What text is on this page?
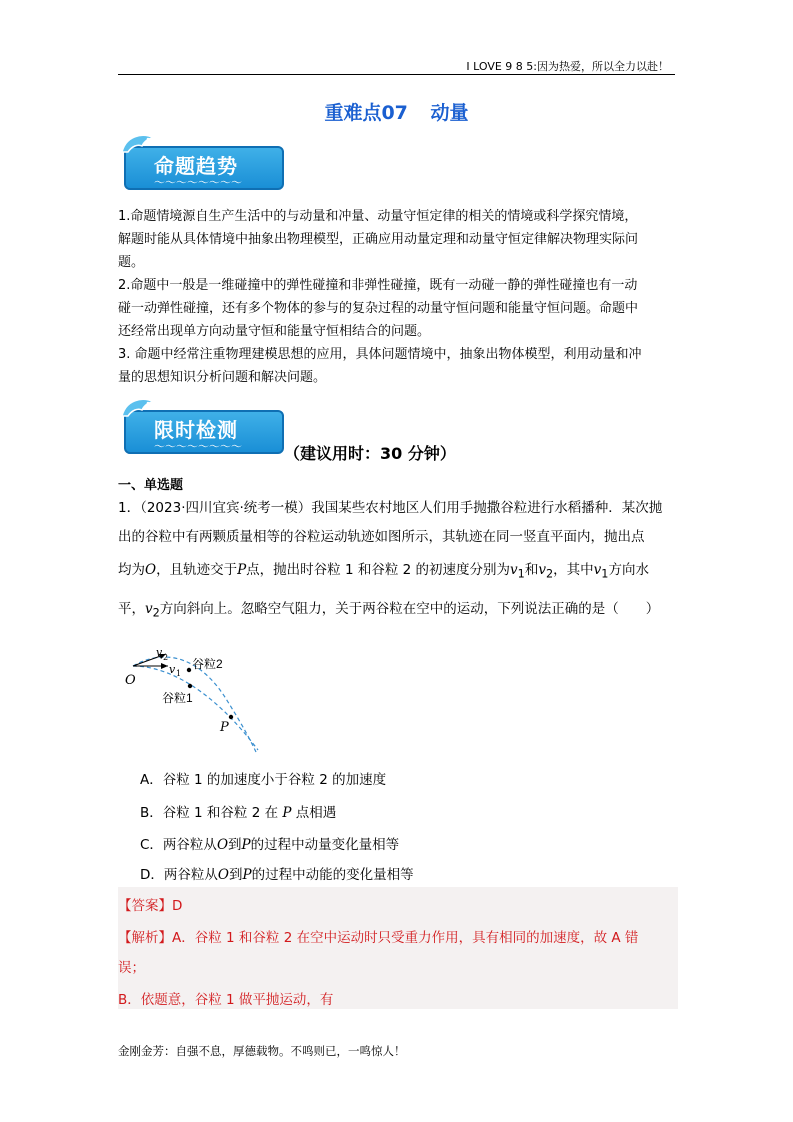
I LOVE 9 8 5:因为热爱，所以全力以赴！
重难点07 动量
命题趋势
～～～～～～～～
1.命题情境源自生产生活中的与动量和冲量、动量守恒定律的相关的情境或科学探究情境，
解题时能从具体情境中抽象出物理模型，正确应用动量定理和动量守恒定律解决物理实际问
题。
2.命题中一般是一维碰撞中的弹性碰撞和非弹性碰撞，既有一动碰一静的弹性碰撞也有一动
碰一动弹性碰撞，还有多个物体的参与的复杂过程的动量守恒问题和能量守恒问题。命题中
还经常出现单方向动量守恒和能量守恒相结合的问题。
3. 命题中经常注重物理建模思想的应用，具体问题情境中，抽象出物体模型，利用动量和冲
量的思想知识分析问题和解决问题。
限时检测
～～～～～～～～	（建议用时：30 分钟）
一、单选题
1．（2023·四川宜宾·统考一模）我国某些农村地区人们用手抛撒谷粒进行水稻播种．某次抛
出的谷粒中有两颗质量相等的谷粒运动轨迹如图所示，其轨迹在同一竖直平面内，抛出点
均为O，且轨迹交于P点，抛出时谷粒 1 和谷粒 2 的初速度分别为$v_1$和$v_2$，其中$v_1$方向水
平，$v_2$方向斜向上。忽略空气阻力，关于两谷粒在空中的运动，下列说法正确的是（　　）
O
P
v 2
v 1
谷粒2
谷粒1
A．谷粒 1 的加速度小于谷粒 2 的加速度
B．谷粒 1 和谷粒 2 在 P 点相遇
C．两谷粒从O到P的过程中动量变化量相等
D．两谷粒从O到P的过程中动能的变化量相等
【答案】D
【解析】A．谷粒 1 和谷粒 2 在空中运动时只受重力作用，具有相同的加速度，故 A 错
误；
B．依题意，谷粒 1 做平抛运动，有
金刚金芳：自强不息，厚德载物。不鸣则已，一鸣惊人！
